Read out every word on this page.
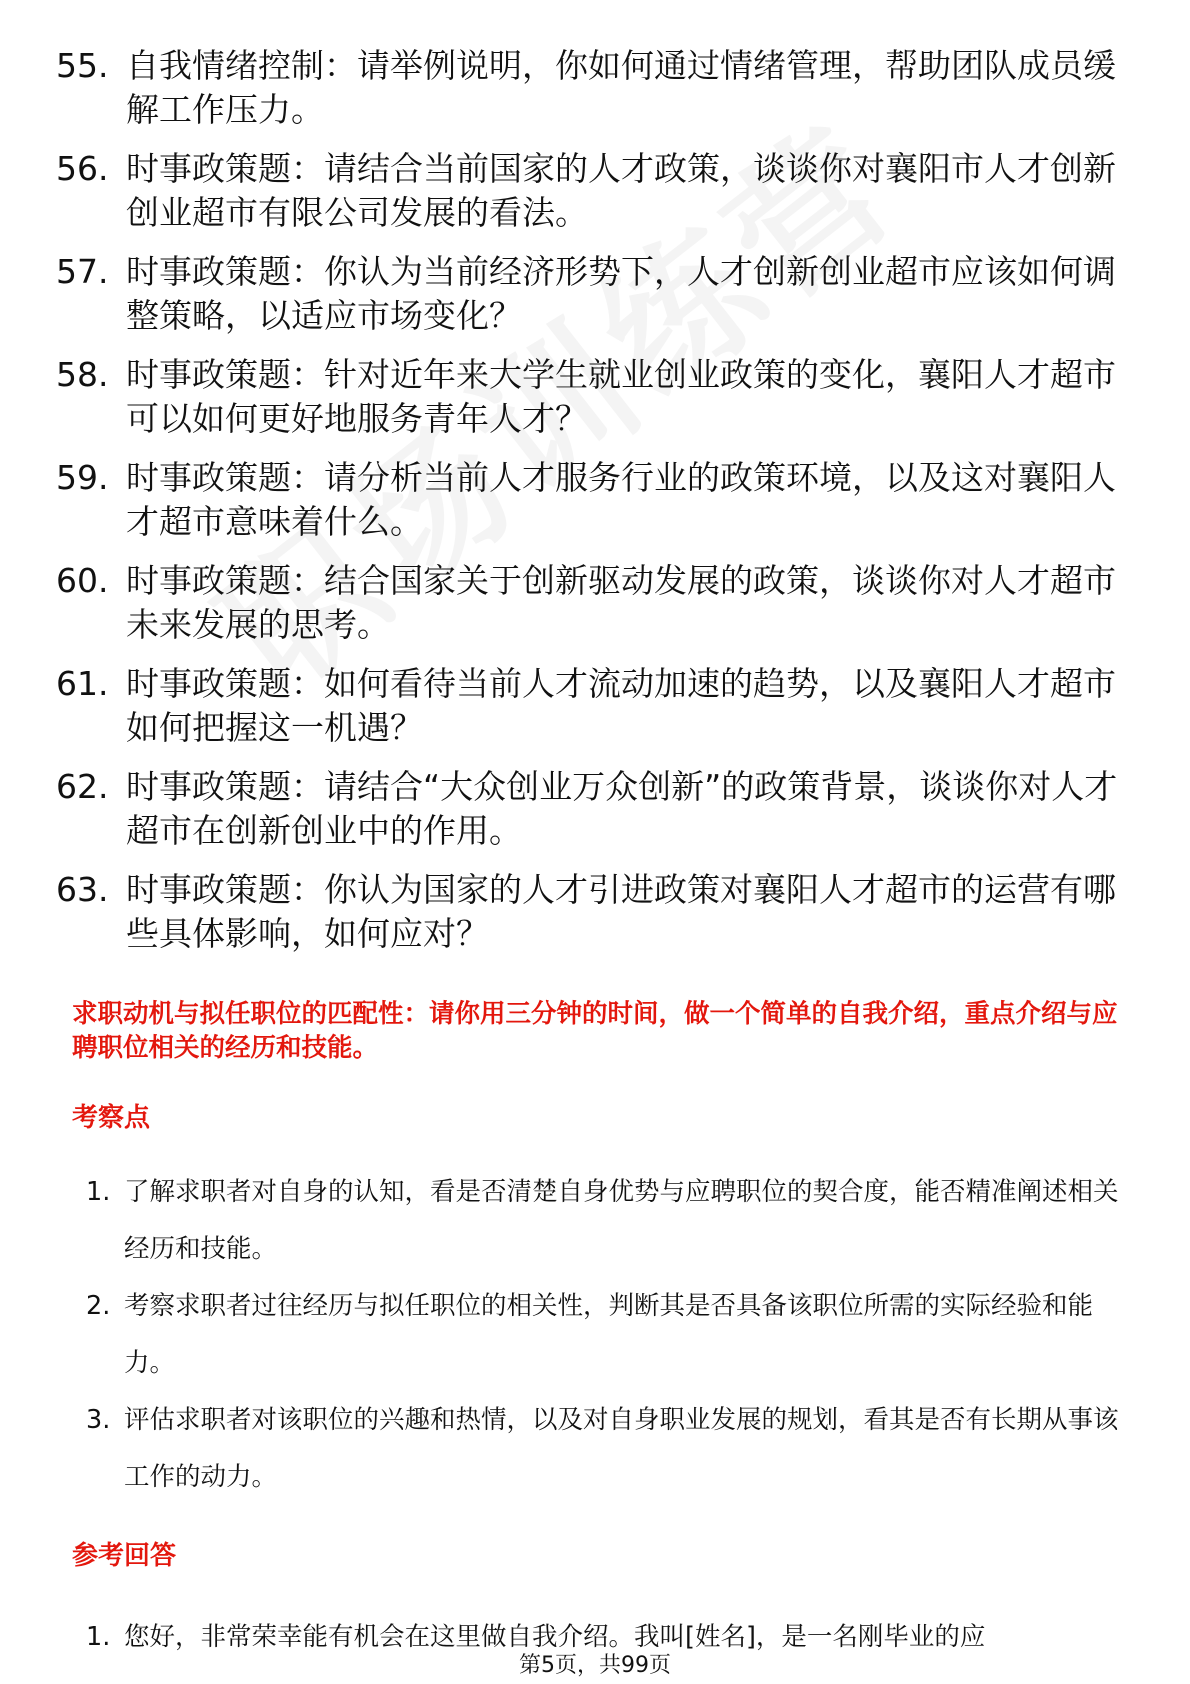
55. 自我情绪控制：请举例说明，你如何通过情绪管理，帮助团队成员缓解工作压力。
56. 时事政策题：请结合当前国家的人才政策，谈谈你对襄阳市人才创新创业超市有限公司发展的看法。
57. 时事政策题：你认为当前经济形势下，人才创新创业超市应该如何调整策略，以适应市场变化？
58. 时事政策题：针对近年来大学生就业创业政策的变化，襄阳人才超市可以如何更好地服务青年人才？
59. 时事政策题：请分析当前人才服务行业的政策环境，以及这对襄阳人才超市意味着什么。
60. 时事政策题：结合国家关于创新驱动发展的政策，谈谈你对人才超市未来发展的思考。
61. 时事政策题：如何看待当前人才流动加速的趋势，以及襄阳人才超市如何把握这一机遇？
62. 时事政策题：请结合“大众创业万众创新”的政策背景，谈谈你对人才超市在创新创业中的作用。
63. 时事政策题：你认为国家的人才引进政策对襄阳人才超市的运营有哪些具体影响，如何应对？
求职动机与拟任职位的匹配性：请你用三分钟的时间，做一个简单的自我介绍，重点介绍与应聘职位相关的经历和技能。
考察点
1. 了解求职者对自身的认知，看是否清楚自身优势与应聘职位的契合度，能否精准阐述相关经历和技能。
2. 考察求职者过往经历与拟任职位的相关性，判断其是否具备该职位所需的实际经验和能力。
3. 评估求职者对该职位的兴趣和热情，以及对自身职业发展的规划，看其是否有长期从事该工作的动力。
参考回答
1. 您好，非常荣幸能有机会在这里做自我介绍。我叫[姓名]，是一名刚毕业的应
第5页，共99页
